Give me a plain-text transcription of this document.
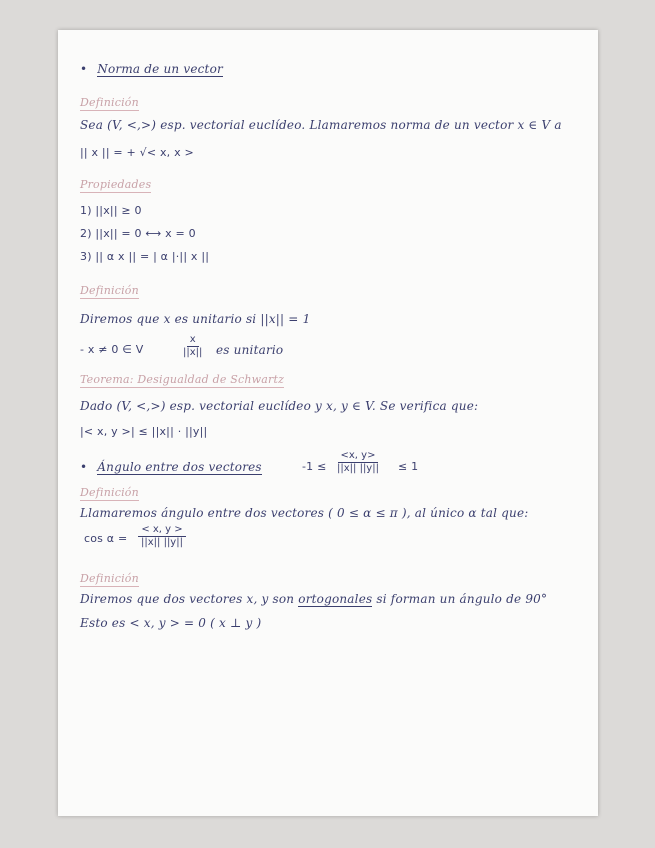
• Norma de un vector
Definición
Sea (V, <,>) esp. vectorial euclídeo. Llamaremos norma de un vector x ∈ V a
|| x || = + √< x, x >
Propiedades
1) ||x|| ≥ 0
2) ||x|| = 0 ⟷ x = 0
3) || α x || = | α |·|| x ||
Definición
Diremos que x es unitario si ||x|| = 1
- x ≠ 0 ∈ V	$\frac{x}{||x||}$ es unitario
Teorema: Desigualdad de Schwartz
Dado (V, <,>) esp. vectorial euclídeo y x, y ∈ V. Se verifica que:
|< x, y >| ≤ ||x|| · ||y||
• Ángulo entre dos vectores	$-1 \le \frac{<x, y>}{||x|| ||y||} \le 1$
Definición
Llamaremos ángulo entre dos vectores ( 0 ≤ α ≤ π ), al único α tal que:
$\cos \alpha = \frac{< x, y >}{||x|| ||y||}$
Definición
Diremos que dos vectores x, y son ortogonales si forman un ángulo de 90°
Esto es < x, y > = 0 ( x ⊥ y )
